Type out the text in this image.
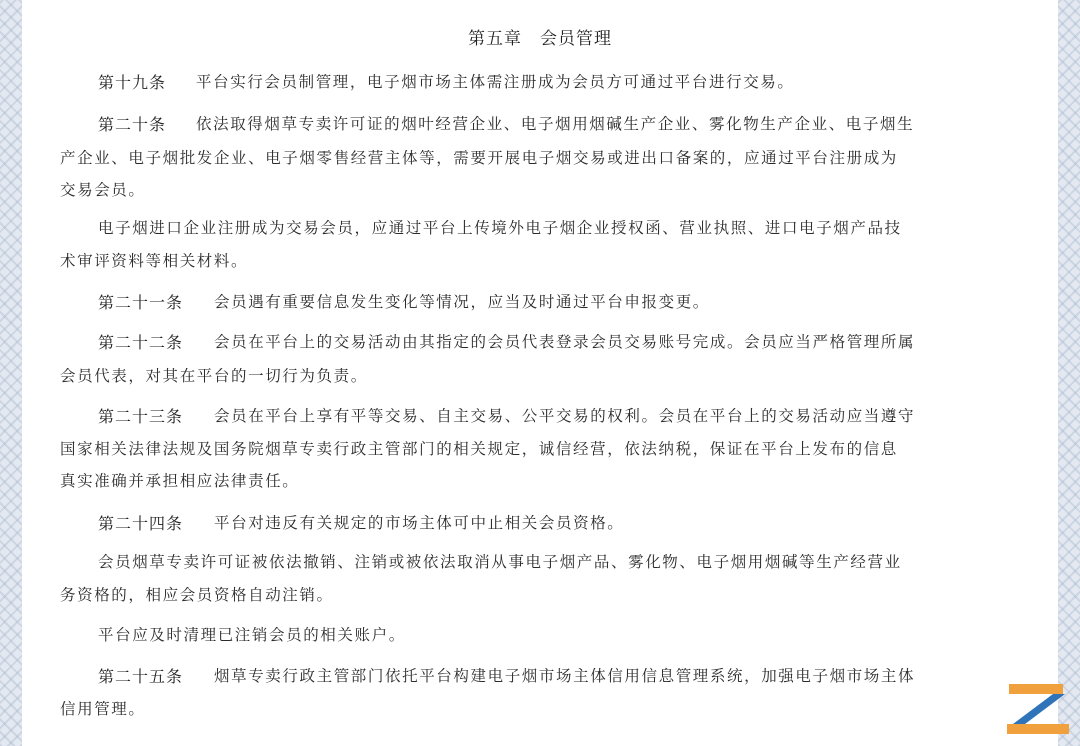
第五章　会员管理
第十九条 平台实行会员制管理，电子烟市场主体需注册成为会员方可通过平台进行交易。
第二十条 依法取得烟草专卖许可证的烟叶经营企业、电子烟用烟碱生产企业、雾化物生产企业、电子烟生
产企业、电子烟批发企业、电子烟零售经营主体等，需要开展电子烟交易或进出口备案的，应通过平台注册成为
交易会员。
电子烟进口企业注册成为交易会员，应通过平台上传境外电子烟企业授权函、营业执照、进口电子烟产品技
术审评资料等相关材料。
第二十一条 会员遇有重要信息发生变化等情况，应当及时通过平台申报变更。
第二十二条 会员在平台上的交易活动由其指定的会员代表登录会员交易账号完成。会员应当严格管理所属
会员代表，对其在平台的一切行为负责。
第二十三条 会员在平台上享有平等交易、自主交易、公平交易的权利。会员在平台上的交易活动应当遵守
国家相关法律法规及国务院烟草专卖行政主管部门的相关规定，诚信经营，依法纳税，保证在平台上发布的信息
真实准确并承担相应法律责任。
第二十四条 平台对违反有关规定的市场主体可中止相关会员资格。
会员烟草专卖许可证被依法撤销、注销或被依法取消从事电子烟产品、雾化物、电子烟用烟碱等生产经营业
务资格的，相应会员资格自动注销。
平台应及时清理已注销会员的相关账户。
第二十五条 烟草专卖行政主管部门依托平台构建电子烟市场主体信用信息管理系统，加强电子烟市场主体
信用管理。
